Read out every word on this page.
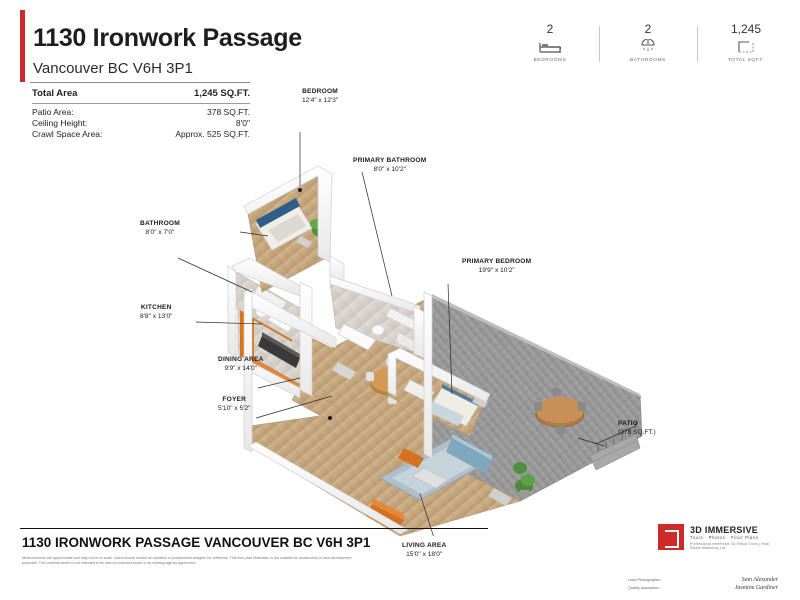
1130 Ironwork Passage
Vancouver BC V6H 3P1
Total Area	1,245 SQ.FT.
Patio Area:	378 SQ.FT.
Ceiling Height:	8'0"
Crawl Space Area:	Approx. 525 SQ.FT.
2
BEDROOMS
2
BATHROOMS
1,245
TOTAL SQFT.
BEDROOM
12'4" x 12'3"
PRIMARY BATHROOM
8'0" x 10'2"
BATHROOM
8'0" x 7'0"
PRIMARY BEDROOM
19'9" x 10'2"
KITCHEN
8'8" x 13'0"
DINING AREA
9'9" x 14'0"
FOYER
5'10" x 5'2"
PATIO
(378 SQ.FT.)
LIVING AREA
15'0" x 18'0"
1130 IRONWORK PASSAGE VANCOUVER BC V6H 3P1
Measurements are approximate and may not be to scale. Users should contact an architect or professional designer for reference. This floor plan illustration is not suitable for construction or land development purposes. The contents herein is not intended to be used to contract breach of an existing agency agreement.
3D IMMERSIVE
Tours · Photos · Floor Plans
Professional Immersive 3D Virtual Tours | Real Estate Marketing Ltd.
Lead Photographer:	Sam Alexander
Quality Assurance:	Jasmine Gardiner
